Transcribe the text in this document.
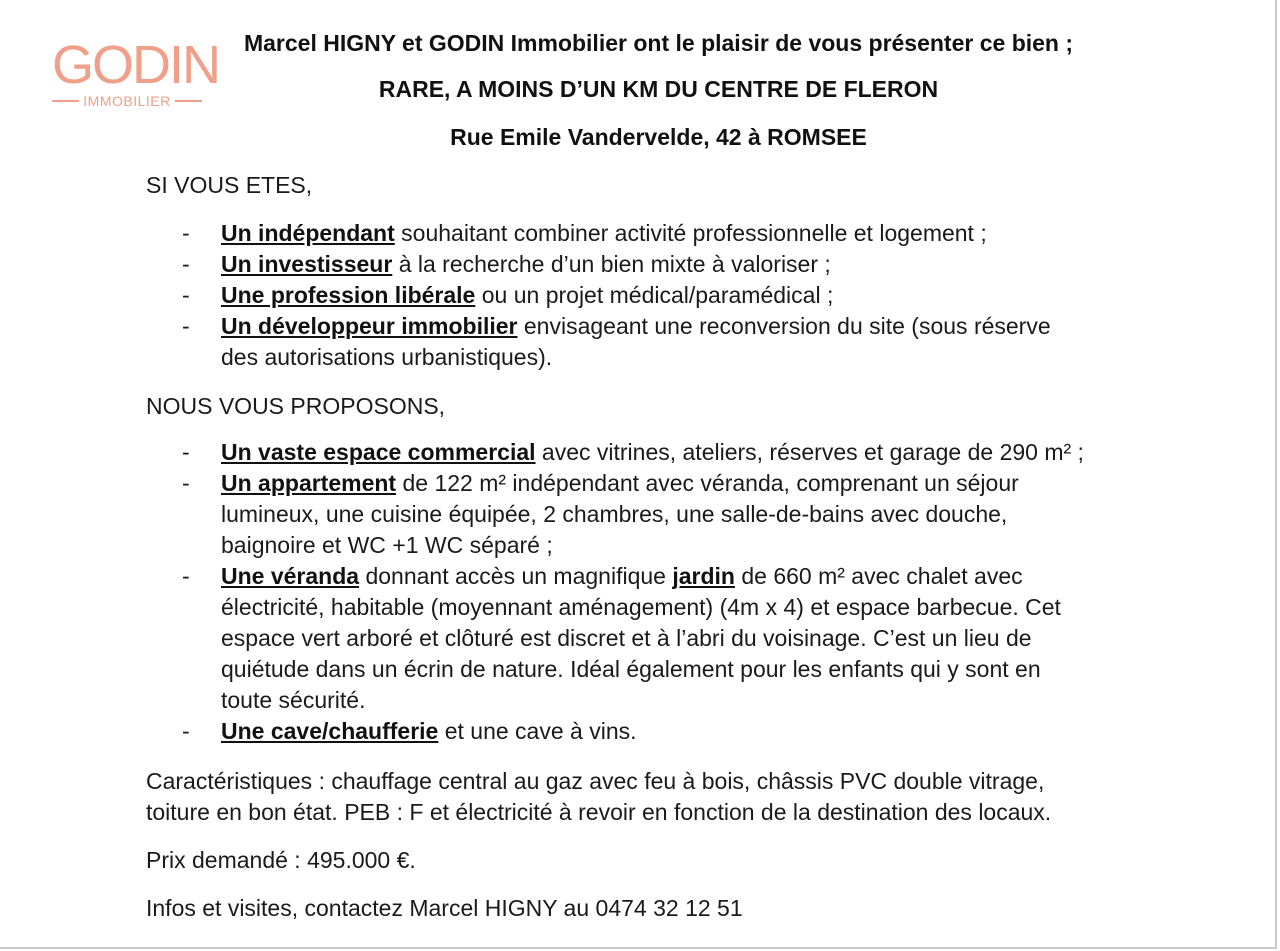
GODIN
IMMOBILIER
Marcel HIGNY et GODIN Immobilier ont le plaisir de vous présenter ce bien ;
RARE, A MOINS D’UN KM DU CENTRE DE FLERON
Rue Emile Vandervelde, 42 à ROMSEE
SI VOUS ETES,
- Un indépendant souhaitant combiner activité professionnelle et logement ;
- Un investisseur à la recherche d’un bien mixte à valoriser ;
- Une profession libérale ou un projet médical/paramédical ;
- Un développeur immobilier envisageant une reconversion du site (sous réserve
des autorisations urbanistiques).
NOUS VOUS PROPOSONS,
- Un vaste espace commercial avec vitrines, ateliers, réserves et garage de 290 m² ;
- Un appartement de 122 m² indépendant avec véranda, comprenant un séjour
lumineux, une cuisine équipée, 2 chambres, une salle-de-bains avec douche,
baignoire et WC +1 WC séparé ;
- Une véranda donnant accès un magnifique jardin de 660 m² avec chalet avec
électricité, habitable (moyennant aménagement) (4m x 4) et espace barbecue. Cet
espace vert arboré et clôturé est discret et à l’abri du voisinage. C’est un lieu de
quiétude dans un écrin de nature. Idéal également pour les enfants qui y sont en
toute sécurité.
- Une cave/chaufferie et une cave à vins.
Caractéristiques : chauffage central au gaz avec feu à bois, châssis PVC double vitrage,
toiture en bon état. PEB : F et électricité à revoir en fonction de la destination des locaux.
Prix demandé : 495.000 €.
Infos et visites, contactez Marcel HIGNY au 0474 32 12 51
